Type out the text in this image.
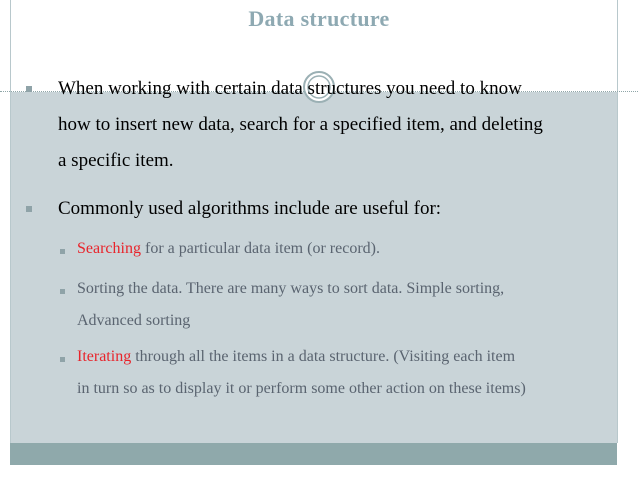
Data structure
When working with certain data structures you need to know
how to insert new data, search for a specified item, and deleting
a specific item.
Commonly used algorithms include are useful for:
Searching for a particular data item (or record).
Sorting the data. There are many ways to sort data. Simple sorting,
Advanced sorting
Iterating through all the items in a data structure. (Visiting each item
in turn so as to display it or perform some other action on these items)
